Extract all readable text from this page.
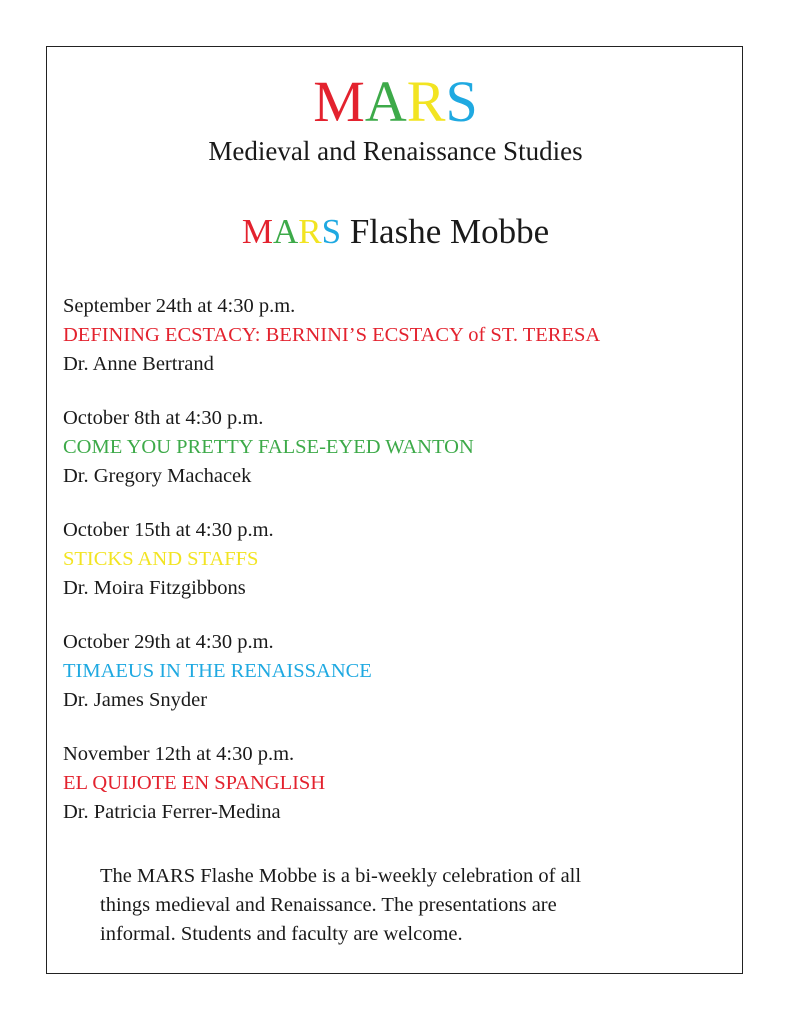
MARS
Medieval and Renaissance Studies
MARS Flashe Mobbe
September 24th at 4:30 p.m.
DEFINING ECSTACY: BERNINI’S ECSTACY of ST. TERESA
Dr. Anne Bertrand
October 8th at 4:30 p.m.
COME YOU PRETTY FALSE-EYED WANTON
Dr. Gregory Machacek
October 15th at 4:30 p.m.
STICKS AND STAFFS
Dr. Moira Fitzgibbons
October 29th at 4:30 p.m.
TIMAEUS IN THE RENAISSANCE
Dr. James Snyder
November 12th at 4:30 p.m.
EL QUIJOTE EN SPANGLISH
Dr. Patricia Ferrer-Medina
The MARS Flashe Mobbe is a bi-weekly celebration of all
things medieval and Renaissance. The presentations are
informal. Students and faculty are welcome.
